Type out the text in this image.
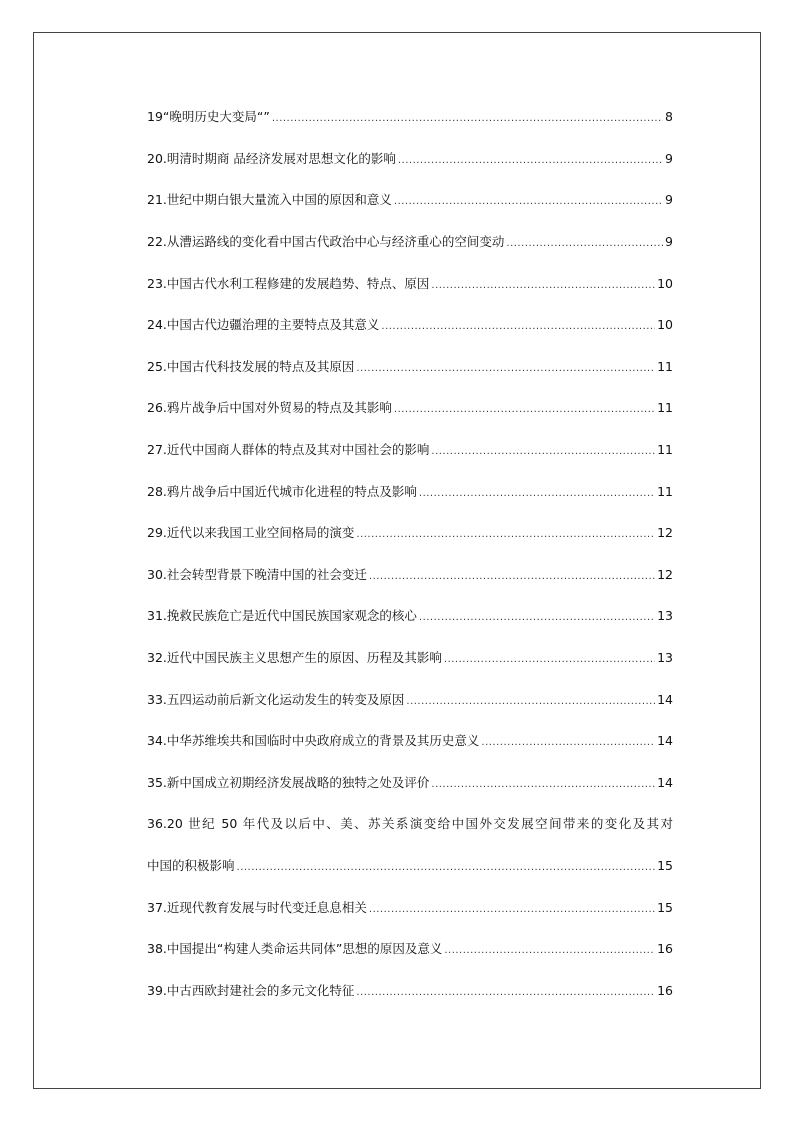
19“晚明历史大变局“” .....	8
20.明清时期商 品经济发展对思想文化的影响 .....	9
21.世纪中期白银大量流入中国的原因和意义 .....	9
22.从漕运路线的变化看中国古代政治中心与经济重心的空间变动 .....	9
23.中国古代水利工程修建的发展趋势、特点、原因 .....	10
24.中国古代边疆治理的主要特点及其意义 .....	10
25.中国古代科技发展的特点及其原因 .....	11
26.鸦片战争后中国对外贸易的特点及其影响 .....	11
27.近代中国商人群体的特点及其对中国社会的影响 .....	11
28.鸦片战争后中国近代城市化进程的特点及影响 .....	11
29.近代以来我国工业空间格局的演变 .....	12
30.社会转型背景下晚清中国的社会变迁 .....	12
31.挽救民族危亡是近代中国民族国家观念的核心 .....	13
32.近代中国民族主义思想产生的原因、历程及其影响 .....	13
33.五四运动前后新文化运动发生的转变及原因 .....	14
34.中华苏维埃共和国临时中央政府成立的背景及其历史意义 .....	14
35.新中国成立初期经济发展战略的独特之处及评价 .....	14
36.20 世纪 50 年代及以后中、美、苏关系演变给中国外交发展空间带来的变化及其对
中国的积极影响 .....	15
37.近现代教育发展与时代变迁息息相关 .....	15
38.中国提出“构建人类命运共同体”思想的原因及意义 .....	16
39.中古西欧封建社会的多元文化特征 .....	16
